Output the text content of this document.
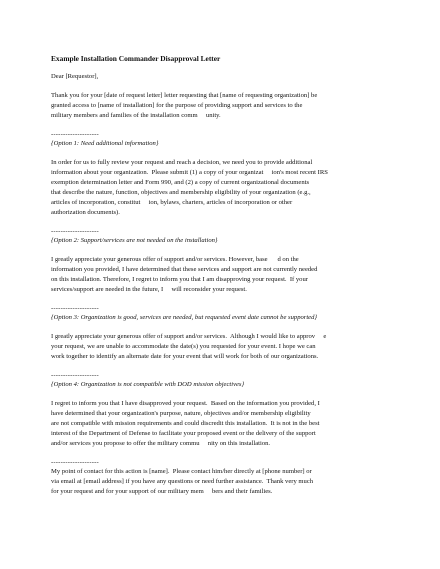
Example Installation Commander Disapproval Letter
Dear [Requestor],
Thank you for your [date of request letter] letter requesting that [name of requesting organization] be
granted access to [name of installation] for the purpose of providing support and services to the
military members and families of the installation comm     unity.
--------------------
{Option 1: Need additional information}
In order for us to fully review your request and reach a decision, we need you to provide additional
information about your organization.  Please submit (1) a copy of your organizat     ion's most recent IRS
exemption determination letter and Form 990, and (2) a copy of current organizational documents
that describe the nature, function, objectives and membership eligibility of your organization (e.g.,
articles of incorporation, constitut     ion, bylaws, charters, articles of incorporation or other
authorization documents).
--------------------
{Option 2: Support/services are not needed on the installation}
I greatly appreciate your generous offer of support and/or services. However, base      d on the
information you provided, I have determined that these services and support are not currently needed
on this installation. Therefore, I regret to inform you that I am disapproving your request.  If your
services/support are needed in the future, I     will reconsider your request.
--------------------
{Option 3: Organization is good, services are needed, but requested event date cannot be supported}
I greatly appreciate your generous offer of support and/or services.  Although I would like to approv     e
your request, we are unable to accommodate the date(s) you requested for your event. I hope we can
work together to identify an alternate date for your event that will work for both of our organizations.
--------------------
{Option 4: Organization is not compatible with DOD mission objectives}
I regret to inform you that I have disapproved your request.  Based on the information you provided, I
have determined that your organization's purpose, nature, objectives and/or membership eligibility
are not compatible with mission requirements and could discredit this installation.  It is not in the best
interest of the Department of Defense to facilitate your proposed event or the delivery of the support
and/or services you propose to offer the military commu     nity on this installation.
--------------------
My point of contact for this action is [name].  Please contact him/her directly at [phone number] or
via email at [email address] if you have any questions or need further assistance.  Thank very much
for your request and for your support of our military mem     bers and their families.
